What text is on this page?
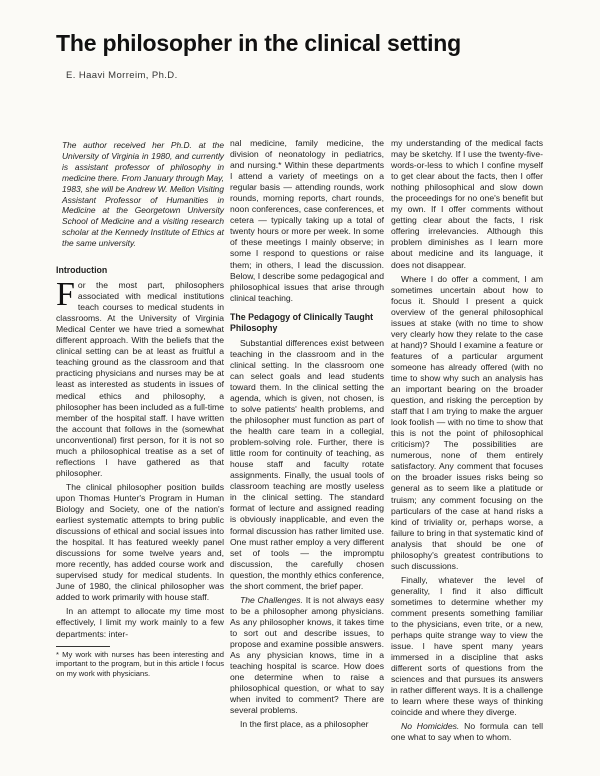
The philosopher in the clinical setting
E. Haavi Morreim, Ph.D.

The author received her Ph.D. at the University of Virginia in 1980, and currently is assistant professor of philosophy in medicine there. From January through May, 1983, she will be Andrew W. Mellon Visiting Assistant Professor of Humanities in Medicine at the Georgetown University School of Medicine and a visiting research scholar at the Kennedy Institute of Ethics at the same university.

Introduction

For the most part, philosophers associated with medical institutions teach courses to medical students in classrooms. At the University of Virginia Medical Center we have tried a somewhat different approach. With the beliefs that the clinical setting can be at least as fruitful a teaching ground as the classroom and that practicing physicians and nurses may be at least as interested as students in issues of medical ethics and philosophy, a philosopher has been included as a full-time member of the hospital staff. I have written the account that follows in the (somewhat unconventional) first person, for it is not so much a philosophical treatise as a set of reflections I have gathered as that philosopher.

The clinical philosopher position builds upon Thomas Hunter's Program in Human Biology and Society, one of the nation's earliest systematic attempts to bring public discussions of ethical and social issues into the hospital. It has featured weekly panel discussions for some twelve years and, more recently, has added course work and supervised study for medical students. In June of 1980, the clinical philosopher was added to work primarily with house staff.

In an attempt to allocate my time most effectively, I limit my work mainly to a few departments: inter-

* My work with nurses has been interesting and important to the program, but in this article I focus on my work with physicians.

nal medicine, family medicine, the division of neonatology in pediatrics, and nursing.* Within these departments I attend a variety of meetings on a regular basis — attending rounds, work rounds, morning reports, chart rounds, noon conferences, case conferences, et cetera — typically taking up a total of twenty hours or more per week. In some of these meetings I mainly observe; in some I respond to questions or raise them; in others, I lead the discussion. Below, I describe some pedagogical and philosophical issues that arise through clinical teaching.

The Pedagogy of Clinically Taught Philosophy

Substantial differences exist between teaching in the classroom and in the clinical setting. In the classroom one can select goals and lead students toward them. In the clinical setting the agenda, which is given, not chosen, is to solve patients' health problems, and the philosopher must function as part of the health care team in a collegial, problem-solving role. Further, there is little room for continuity of teaching, as house staff and faculty rotate assignments. Finally, the usual tools of classroom teaching are mostly useless in the clinical setting. The standard format of lecture and assigned reading is obviously inapplicable, and even the formal discussion has rather limited use. One must rather employ a very different set of tools — the impromptu discussion, the carefully chosen question, the monthly ethics conference, the short comment, the brief paper.

The Challenges. It is not always easy to be a philosopher among physicians. As any philosopher knows, it takes time to sort out and describe issues, to propose and examine possible answers. As any physician knows, time in a teaching hospital is scarce. How does one determine when to raise a philosophical question, or what to say when invited to comment? There are several problems.

In the first place, as a philosopher

my understanding of the medical facts may be sketchy. If I use the twenty-five-words-or-less to which I confine myself to get clear about the facts, then I offer nothing philosophical and slow down the proceedings for no one's benefit but my own. If I offer comments without getting clear about the facts, I risk offering irrelevancies. Although this problem diminishes as I learn more about medicine and its language, it does not disappear.

Where I do offer a comment, I am sometimes uncertain about how to focus it. Should I present a quick overview of the general philosophical issues at stake (with no time to show very clearly how they relate to the case at hand)? Should I examine a feature or features of a particular argument someone has already offered (with no time to show why such an analysis has an important bearing on the broader question, and risking the perception by staff that I am trying to make the arguer look foolish — with no time to show that this is not the point of philosophical criticism)? The possibilities are numerous, none of them entirely satisfactory. Any comment that focuses on the broader issues risks being so general as to seem like a platitude or truism; any comment focusing on the particulars of the case at hand risks a kind of triviality or, perhaps worse, a failure to bring in that systematic kind of analysis that should be one of philosophy's greatest contributions to such discussions.

Finally, whatever the level of generality, I find it also difficult sometimes to determine whether my comment presents something familiar to the physicians, even trite, or a new, perhaps quite strange way to view the issue. I have spent many years immersed in a discipline that asks different sorts of questions from the sciences and that pursues its answers in rather different ways. It is a challenge to learn where these ways of thinking coincide and where they diverge.

No Homicides. No formula can tell one what to say when to whom.
